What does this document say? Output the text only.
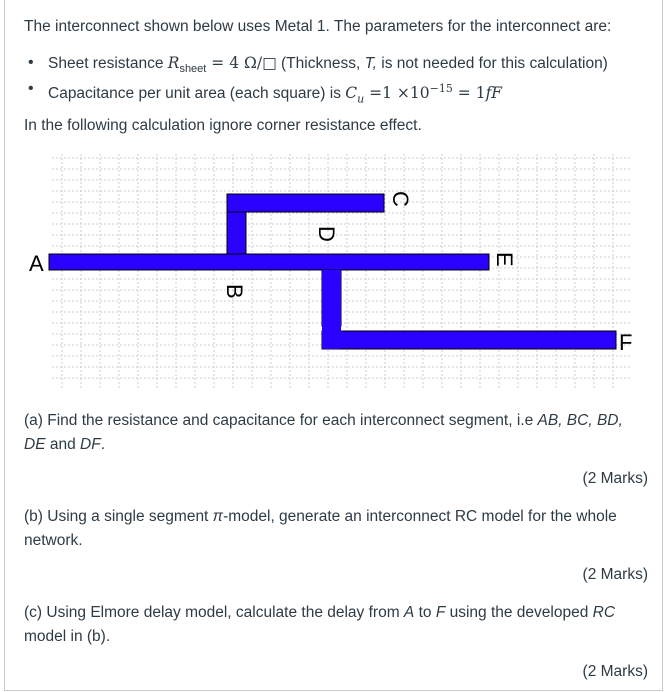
The interconnect shown below uses Metal 1. The parameters for the interconnect are:
• Sheet resistance $R_{sheet} = 4$ Ω/□ (Thickness, T, is not needed for this calculation)
• Capacitance per unit area (each square) is $C_u =1 \times 10^{-15} = 1fF$
In the following calculation ignore corner resistance effect.
A
B
C
D
E
F
(a) Find the resistance and capacitance for each interconnect segment, i.e AB, BC, BD, DE and DF.
(2 Marks)
(b) Using a single segment π-model, generate an interconnect RC model for the whole network.
(2 Marks)
(c) Using Elmore delay model, calculate the delay from A to F using the developed RC model in (b).
(2 Marks)
